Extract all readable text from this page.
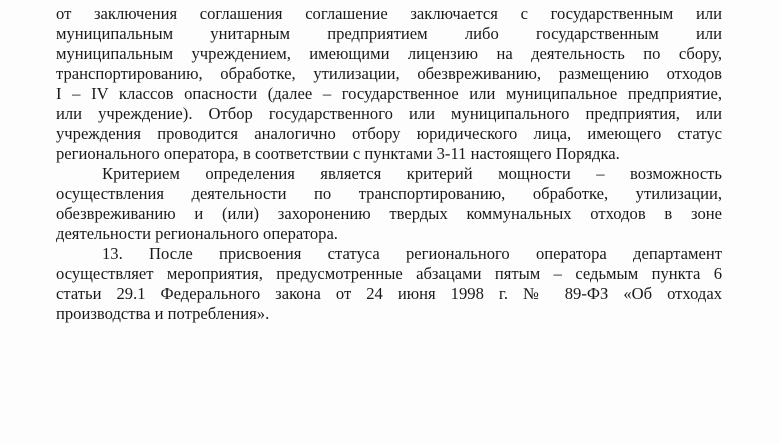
от заключения соглашения соглашение заключается с государственным или
муниципальным унитарным предприятием либо государственным или
муниципальным учреждением, имеющими лицензию на деятельность по сбору,
транспортированию, обработке, утилизации, обезвреживанию, размещению отходов
I – IV классов опасности (далее – государственное или муниципальное предприятие,
или учреждение). Отбор государственного или муниципального предприятия, или
учреждения проводится аналогично отбору юридического лица, имеющего статус
регионального оператора, в соответствии с пунктами 3-11 настоящего Порядка.
Критерием определения является критерий мощности – возможность
осуществления деятельности по транспортированию, обработке, утилизации,
обезвреживанию и (или) захоронению твердых коммунальных отходов в зоне
деятельности регионального оператора.
13. После присвоения статуса регионального оператора департамент
осуществляет мероприятия, предусмотренные абзацами пятым – седьмым пункта 6
статьи 29.1 Федерального закона от 24 июня 1998 г. № 89-ФЗ «Об отходах
производства и потребления».
